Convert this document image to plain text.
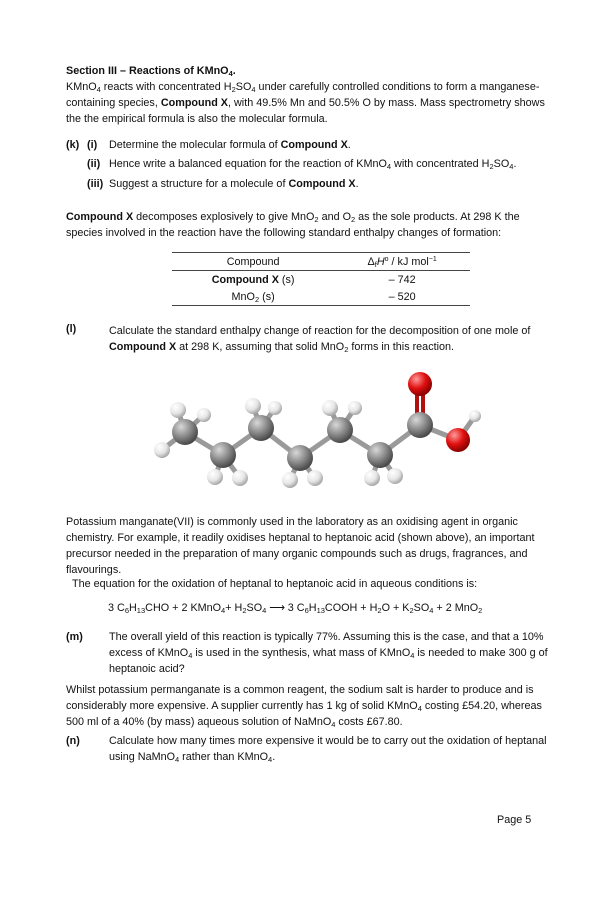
Section III – Reactions of KMnO$_4$.
KMnO$_4$ reacts with concentrated $H_2SO_4$ under carefully controlled conditions to form a manganese-containing species, Compound X, with 49.5% Mn and 50.5% O by mass. Mass spectrometry shows the the empirical formula is also the molecular formula.
(k) (i) Determine the molecular formula of Compound X.
(ii) Hence write a balanced equation for the reaction of KMnO$_4$ with concentrated $H_2SO_4$.
(iii) Suggest a structure for a molecule of Compound X.
Compound X decomposes explosively to give MnO$_2$ and $O_2$ as the sole products. At 298 K the species involved in the reaction have the following standard enthalpy changes of formation:
Compound	$\Delta_fH^o$ / kJ mol$^{-1}$
Compound X (s)	– 742
MnO$_2$ (s)	– 520
(l)	Calculate the standard enthalpy change of reaction for the decomposition of one mole of Compound X at 298 K, assuming that solid MnO$_2$ forms in this reaction.
Potassium manganate(VII) is commonly used in the laboratory as an oxidising agent in organic chemistry. For example, it readily oxidises heptanal to heptanoic acid (shown above), an important precursor needed in the preparation of many organic compounds such as drugs, fragrances, and flavourings.
The equation for the oxidation of heptanal to heptanoic acid in aqueous conditions is:
3 $C_6H_{13}CHO + 2$ KMnO$_4$+ $H_2SO_4$ ⟶ 3 $C_6H_{13}COOH + H_2O + K_2SO_4 + 2$ MnO$_2$
(m) The overall yield of this reaction is typically 77%. Assuming this is the case, and that a 10% excess of KMnO$_4$ is used in the synthesis, what mass of KMnO$_4$ is needed to make 300 g of heptanoic acid?
Whilst potassium permanganate is a common reagent, the sodium salt is harder to produce and is considerably more expensive. A supplier currently has 1 kg of solid KMnO$_4$ costing £54.20, whereas 500 ml of a 40% (by mass) aqueous solution of NaMnO$_4$ costs £67.80.
(n)	Calculate how many times more expensive it would be to carry out the oxidation of heptanal using NaMnO$_4$ rather than KMnO$_4$.
Page 5
